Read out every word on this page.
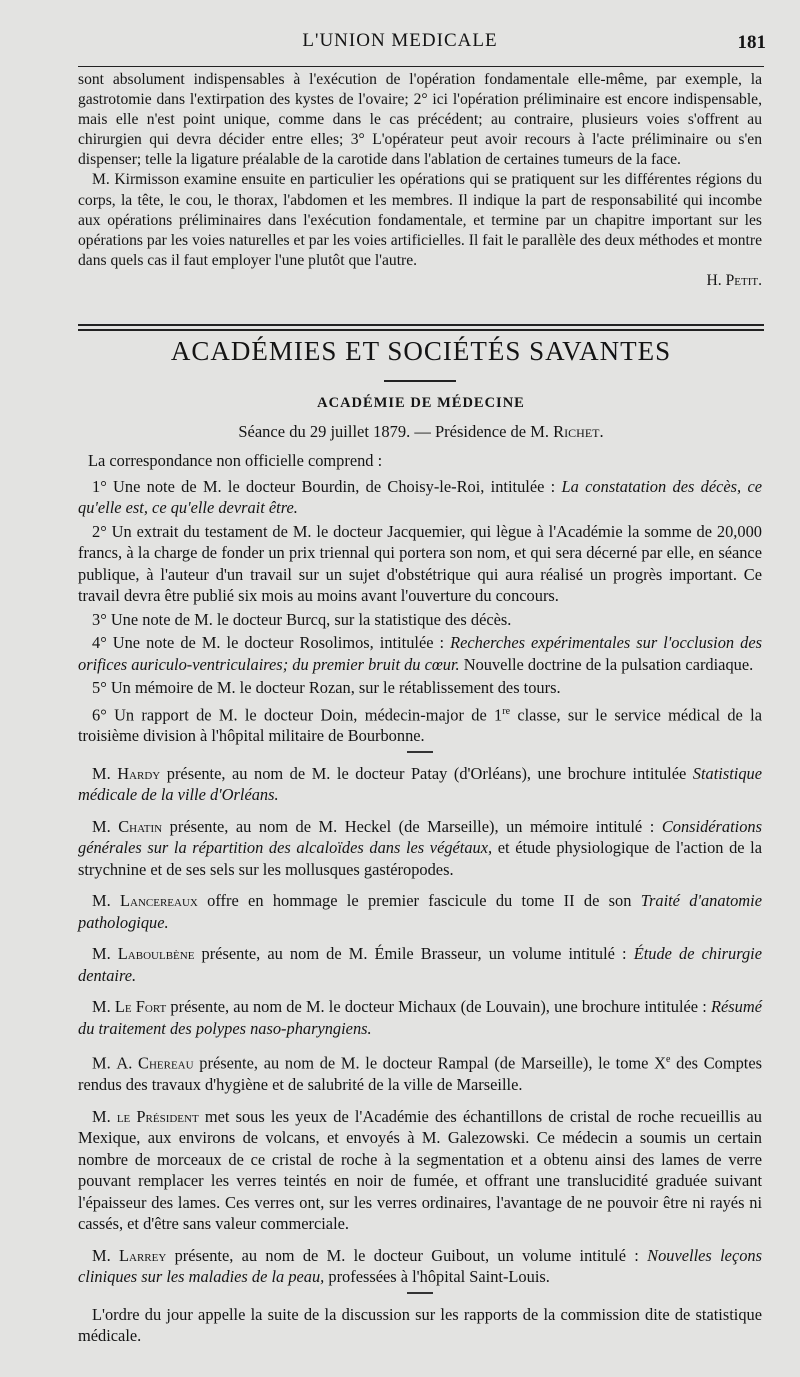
L'UNION MEDICALE	181

sont absolument indispensables à l'exécution de l'opération fondamentale elle-même, par exemple, la gastrotomie dans l'extirpation des kystes de l'ovaire; 2° ici l'opération préliminaire est encore indispensable, mais elle n'est point unique, comme dans le cas précédent; au contraire, plusieurs voies s'offrent au chirurgien qui devra décider entre elles; 3° L'opérateur peut avoir recours à l'acte préliminaire ou s'en dispenser; telle la ligature préalable de la carotide dans l'ablation de certaines tumeurs de la face.

M. Kirmisson examine ensuite en particulier les opérations qui se pratiquent sur les différentes régions du corps, la tête, le cou, le thorax, l'abdomen et les membres. Il indique la part de responsabilité qui incombe aux opérations préliminaires dans l'exécution fondamentale, et termine par un chapitre important sur les opérations par les voies naturelles et par les voies artificielles. Il fait le parallèle des deux méthodes et montre dans quels cas il faut employer l'une plutôt que l'autre.

H. Petit.

ACADÉMIES ET SOCIÉTÉS SAVANTES
ACADÉMIE DE MÉDECINE
Séance du 29 juillet 1879. — Présidence de M. Richet.

La correspondance non officielle comprend :

1° Une note de M. le docteur Bourdin, de Choisy-le-Roi, intitulée : La constatation des décès, ce qu'elle est, ce qu'elle devrait être.

2° Un extrait du testament de M. le docteur Jacquemier, qui lègue à l'Académie la somme de 20,000 francs, à la charge de fonder un prix triennal qui portera son nom, et qui sera décerné par elle, en séance publique, à l'auteur d'un travail sur un sujet d'obstétrique qui aura réalisé un progrès important. Ce travail devra être publié six mois au moins avant l'ouverture du concours.

3° Une note de M. le docteur Burcq, sur la statistique des décès.

4° Une note de M. le docteur Rosolimos, intitulée : Recherches expérimentales sur l'occlusion des orifices auriculo-ventriculaires; du premier bruit du cœur. Nouvelle doctrine de la pulsation cardiaque.

5° Un mémoire de M. le docteur Rozan, sur le rétablissement des tours.

6° Un rapport de M. le docteur Doin, médecin-major de 1re classe, sur le service médical de la troisième division à l'hôpital militaire de Bourbonne.

M. Hardy présente, au nom de M. le docteur Patay (d'Orléans), une brochure intitulée Statistique médicale de la ville d'Orléans.

M. Chatin présente, au nom de M. Heckel (de Marseille), un mémoire intitulé : Considérations générales sur la répartition des alcaloïdes dans les végétaux, et étude physiologique de l'action de la strychnine et de ses sels sur les mollusques gastéropodes.

M. Lancereaux offre en hommage le premier fascicule du tome II de son Traité d'anatomie pathologique.

M. Laboulbène présente, au nom de M. Émile Brasseur, un volume intitulé : Étude de chirurgie dentaire.

M. Le Fort présente, au nom de M. le docteur Michaux (de Louvain), une brochure intitulée : Résumé du traitement des polypes naso-pharyngiens.

M. A. Chereau présente, au nom de M. le docteur Rampal (de Marseille), le tome Xe des Comptes rendus des travaux d'hygiène et de salubrité de la ville de Marseille.

M. le Président met sous les yeux de l'Académie des échantillons de cristal de roche recueillis au Mexique, aux environs de volcans, et envoyés à M. Galezowski. Ce médecin a soumis un certain nombre de morceaux de ce cristal de roche à la segmentation et a obtenu ainsi des lames de verre pouvant remplacer les verres teintés en noir de fumée, et offrant une translucidité graduée suivant l'épaisseur des lames. Ces verres ont, sur les verres ordinaires, l'avantage de ne pouvoir être ni rayés ni cassés, et d'être sans valeur commerciale.

M. Larrey présente, au nom de M. le docteur Guibout, un volume intitulé : Nouvelles leçons cliniques sur les maladies de la peau, professées à l'hôpital Saint-Louis.

L'ordre du jour appelle la suite de la discussion sur les rapports de la commission dite de statistique médicale.
